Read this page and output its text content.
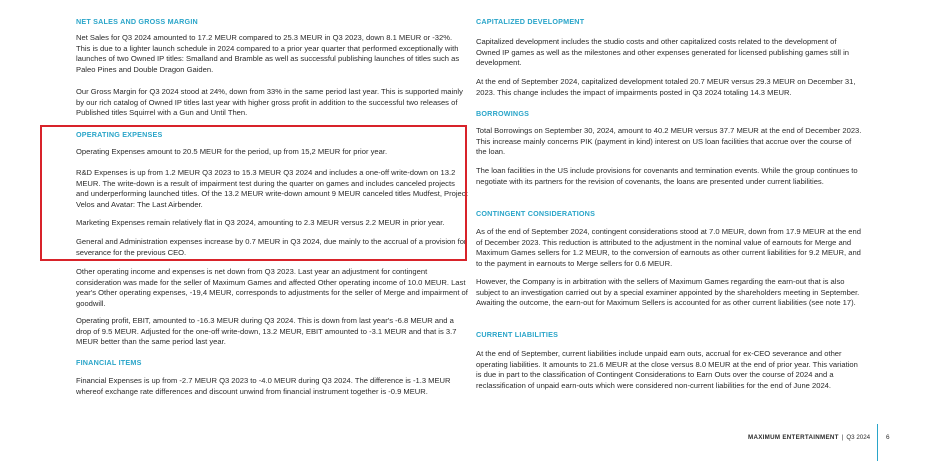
NET SALES AND GROSS MARGIN
Net Sales for Q3 2024 amounted to 17.2 MEUR compared to 25.3 MEUR in Q3 2023, down 8.1 MEUR or -32%. This is due to a lighter launch schedule in 2024 compared to a prior year quarter that performed exceptionally with launches of two Owned IP titles: Smalland and Bramble as well as successful publishing launches of titles such as Paleo Pines and Double Dragon Gaiden.
Our Gross Margin for Q3 2024 stood at 24%, down from 33% in the same period last year. This is supported mainly by our rich catalog of Owned IP titles last year with higher gross profit in addition to the successful two releases of Published titles Squirrel with a Gun and Until Then.
OPERATING EXPENSES
Operating Expenses amount to 20.5 MEUR for the period, up from 15,2 MEUR for prior year.
R&D Expenses is up from 1.2 MEUR Q3 2023 to 15.3 MEUR Q3 2024 and includes a one-off write-down on 13.2 MEUR. The write-down is a result of impairment test during the quarter on games and includes canceled projects and underperforming launched titles. Of the 13.2 MEUR write-down amount 9 MEUR canceled titles Mudfest, Project Velos and Avatar: The Last Airbender.
Marketing Expenses remain relatively flat in Q3 2024, amounting to 2.3 MEUR versus 2.2 MEUR in prior year.
General and Administration expenses increase by 0.7 MEUR in Q3 2024, due mainly to the accrual of a provision for severance for the previous CEO.
Other operating income and expenses is net down from Q3 2023. Last year an adjustment for contingent consideration was made for the seller of Maximum Games and affected Other operating income of 10.0 MEUR. Last year's Other operating expenses, -19,4 MEUR, corresponds to adjustments for the seller of Merge and impairment of goodwill.
Operating profit, EBIT, amounted to -16.3 MEUR during Q3 2024. This is down from last year's -6.8 MEUR and a drop of 9.5 MEUR. Adjusted for the one-off write-down, 13.2 MEUR, EBIT amounted to -3.1 MEUR and that is 3.7 MEUR better than the same period last year.
FINANCIAL ITEMS
Financial Expenses is up from -2.7 MEUR Q3 2023 to -4.0 MEUR during Q3 2024. The difference is -1.3 MEUR whereof exchange rate differences and discount unwind from financial instrument together is -0.9 MEUR.
CAPITALIZED DEVELOPMENT
Capitalized development includes the studio costs and other capitalized costs related to the development of Owned IP games as well as the milestones and other expenses generated for licensed publishing games still in development.
At the end of September 2024, capitalized development totaled 20.7 MEUR versus 29.3 MEUR on December 31, 2023. This change includes the impact of impairments posted in Q3 2024 totaling 14.3 MEUR.
BORROWINGS
Total Borrowings on September 30, 2024, amount to 40.2 MEUR versus 37.7 MEUR at the end of December 2023. This increase mainly concerns PIK (payment in kind) interest on US loan facilities that accrue over the course of the loan.
The loan facilities in the US include provisions for covenants and termination events. While the group continues to negotiate with its partners for the revision of covenants, the loans are presented under current liabilities.
CONTINGENT CONSIDERATIONS
As of the end of September 2024, contingent considerations stood at 7.0 MEUR, down from 17.9 MEUR at the end of December 2023. This reduction is attributed to the adjustment in the nominal value of earnouts for Merge and Maximum Games sellers for 1.2 MEUR, to the conversion of earnouts as other current liabilities for 9.2 MEUR, and to the payment in earnouts to Merge sellers for 0.6 MEUR.
However, the Company is in arbitration with the sellers of Maximum Games regarding the earn-out that is also subject to an investigation carried out by a special examiner appointed by the shareholders meeting in September. Awaiting the outcome, the earn-out for Maximum Sellers is accounted for as other current liabilities (see note 17).
CURRENT LIABILITIES
At the end of September, current liabilities include unpaid earn outs, accrual for ex-CEO severance and other operating liabilities. It amounts to 21.6 MEUR at the close versus 8.0 MEUR at the end of prior year. This variation is due in part to the classification of Contingent Considerations to Earn Outs over the course of 2024 and a reclassification of unpaid earn-outs which were considered non-current liabilities for the end of June 2024.
MAXIMUM ENTERTAINMENT | Q3 2024 6
